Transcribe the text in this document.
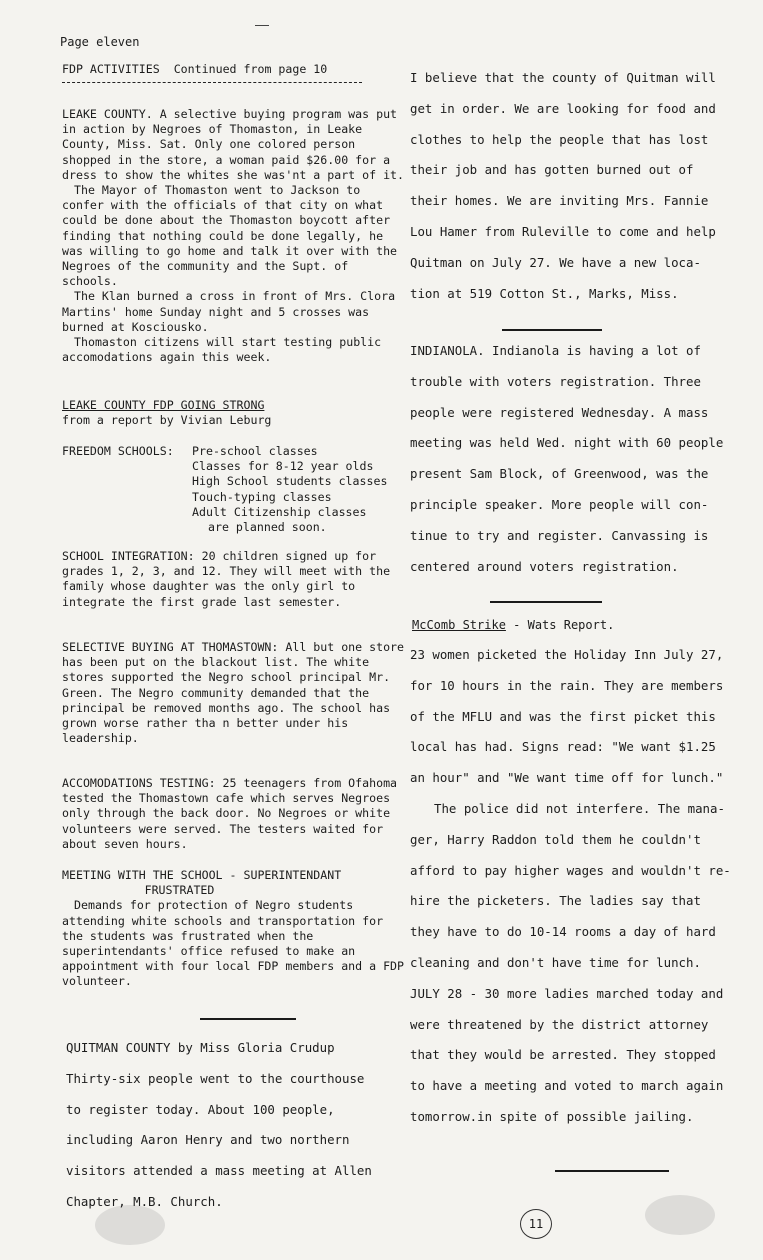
Page eleven
FDP ACTIVITIES Continued from page 10

LEAKE COUNTY. A selective buying program was put in action by Negroes of Thomaston, in Leake County, Miss. Sat. Only one colored person shopped in the store, a woman paid $26.00 for a dress to show the whites she was'nt a part of it.

The Mayor of Thomaston went to Jackson to confer with the officials of that city on what could be done about the Thomaston boycott after finding that nothing could be done legally, he was willing to go home and talk it over with the Negroes of the community and the Supt. of schools.

The Klan burned a cross in front of Mrs. Clora Martins' home Sunday night and 5 crosses was burned at Kosciousko.

Thomaston citizens will start testing public accomodations again this week.

LEAKE COUNTY FDP GOING STRONG

from a report by Vivian Leburg

FREEDOM SCHOOLS: Pre-school classes
Classes for 8-12 year olds
High School students classes
Touch-typing classes
Adult Citizenship classes
are planned soon.
SCHOOL INTEGRATION: 20 children signed up for grades 1, 2, 3, and 12. They will meet with the family whose daughter was the only girl to integrate the first grade last semester.
SELECTIVE BUYING AT THOMASTOWN: All but one store has been put on the blackout list. The white stores supported the Negro school principal Mr. Green. The Negro community demanded that the principal be removed months ago. The school has grown worse rather tha n better under his leadership.
ACCOMODATIONS TESTING: 25 teenagers from Ofahoma tested the Thomastown cafe which serves Negroes only through the back door. No Negroes or white volunteers were served. The testers waited for about seven hours.

MEETING WITH THE SCHOOL - SUPERINTENDANT

FRUSTRATED

Demands for protection of Negro students attending white schools and transportation for the students was frustrated when the superintendants' office refused to make an appointment with four local FDP members and a FDP volunteer.

QUITMAN COUNTY by Miss Gloria Crudup
Thirty-six people went to the courthouse
to register today. About 100 people,
including Aaron Henry and two northern
visitors attended a mass meeting at Allen
Chapter, M.B. Church.
I believe that the county of Quitman will
get in order. We are looking for food and
clothes to help the people that has lost
their job and has gotten burned out of
their homes. We are inviting Mrs. Fannie
Lou Hamer from Ruleville to come and help
Quitman on July 27. We have a new loca-
tion at 519 Cotton St., Marks, Miss.
INDIANOLA. Indianola is having a lot of
trouble with voters registration. Three
people were registered Wednesday. A mass
meeting was held Wed. night with 60 people
present Sam Block, of Greenwood, was the
principle speaker. More people will con-
tinue to try and register. Canvassing is
centered around voters registration.
McComb Strike - Wats Report.
23 women picketed the Holiday Inn July 27,
for 10 hours in the rain. They are members
of the MFLU and was the first picket this
local has had. Signs read: "We want $1.25
an hour" and "We want time off for lunch."
The police did not interfere. The mana-
ger, Harry Raddon told them he couldn't
afford to pay higher wages and wouldn't re-
hire the picketers. The ladies say that
they have to do 10-14 rooms a day of hard
cleaning and don't have time for lunch.
JULY 28 - 30 more ladies marched today and
were threatened by the district attorney
that they would be arrested. They stopped
to have a meeting and voted to march again
tomorrow.in spite of possible jailing.
11
